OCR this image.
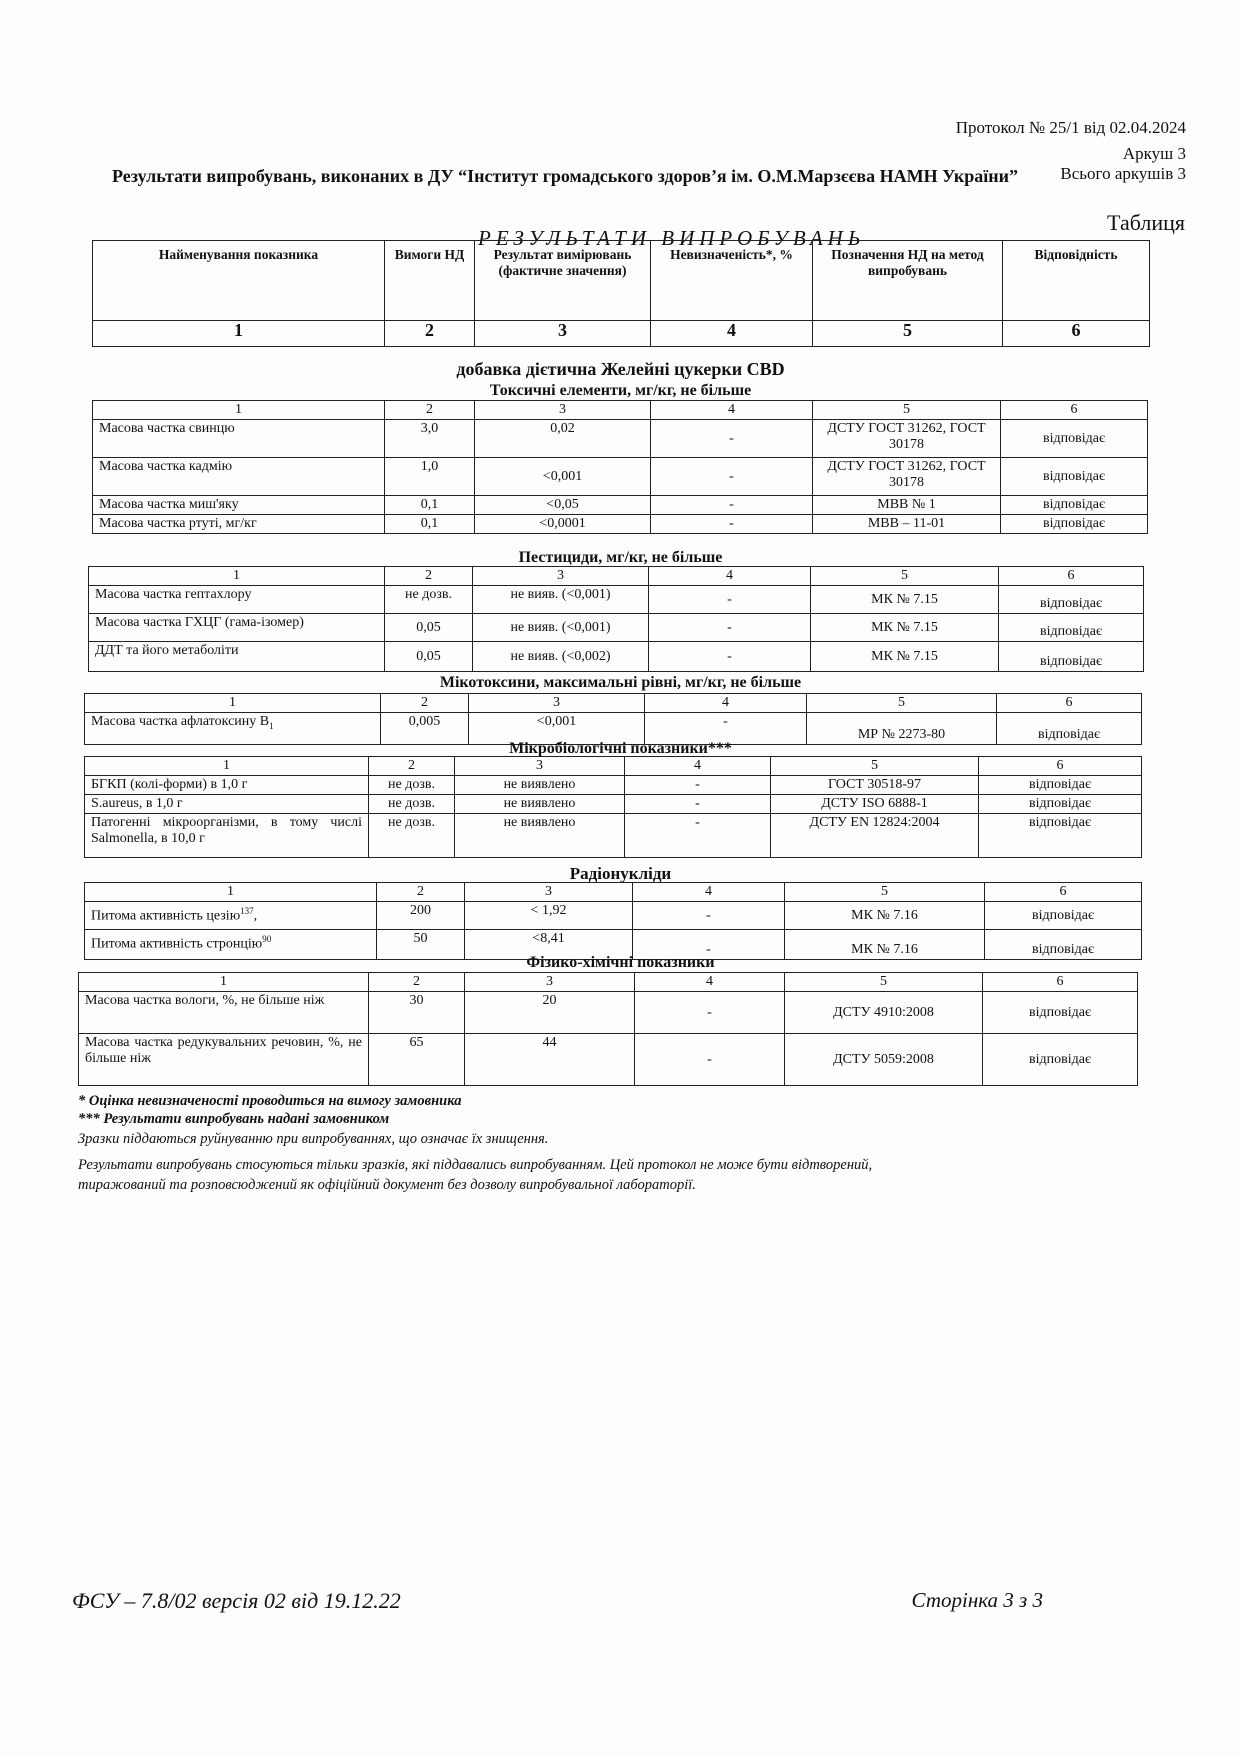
Протокол № 25/1 від 02.04.2024
Аркуш 3
Всього аркушів 3
Результати випробувань, виконаних в ДУ “Інститут громадського здоров’я ім. О.М.Марзєєва НАМН України”
Таблиця
РЕЗУЛЬТАТИ ВИПРОБУВАНЬ
Найменування показника	Вимоги НД	Результат вимірювань (фактичне значення)	Невизначеність*, %	Позначення НД на метод випробувань	Відповідність
1	2	3	4	5	6
добавка дієтична Желейні цукерки CBD
Токсичні елементи, мг/кг, не більше
1	2	3	4	5	6
Масова частка свинцю	3,0	0,02	-	ДСТУ ГОСТ 31262, ГОСТ 30178	відповідає
Масова частка кадмію	1,0	<0,001	-	ДСТУ ГОСТ 31262, ГОСТ 30178	відповідає
Масова частка миш'яку	0,1	<0,05	-	МВВ № 1	відповідає
Масова частка ртуті, мг/кг	0,1	<0,0001	-	МВВ – 11-01	відповідає
Пестициди, мг/кг, не більше
1	2	3	4	5	6
Масова частка гептахлору	не дозв.	не вияв. (<0,001)	-	МК № 7.15	відповідає
Масова частка ГХЦГ (гама-ізомер)	0,05	не вияв. (<0,001)	-	МК № 7.15	відповідає
ДДТ та його метаболіти	0,05	не вияв. (<0,002)	-	МК № 7.15	відповідає
Мікотоксини, максимальні рівні, мг/кг, не більше
1	2	3	4	5	6
Масова частка афлатоксину $B_1$	0,005	<0,001	-	МР № 2273-80	відповідає
Мікробіологічні показники***
1	2	3	4	5	6
БГКП (колі-форми) в 1,0 г	не дозв.	не виявлено	-	ГОСТ 30518-97	відповідає
S.aureus, в 1,0 г	не дозв.	не виявлено	-	ДСТУ ISO 6888-1	відповідає
Патогенні мікроорганізми, в тому числі Salmonella, в 10,0 г	не дозв.	не виявлено	-	ДСТУ EN 12824:2004	відповідає
Радіонукліди
1	2	3	4	5	6
Питома активність цезію$^{137}$,	200	< 1,92	-	МК № 7.16	відповідає
Питома активність стронцію$^{90}$	50	<8,41	-	МК № 7.16	відповідає
Фізико-хімічні показники
1	2	3	4	5	6
Масова частка вологи, %, не більше ніж	30	20	-	ДСТУ 4910:2008	відповідає
Масова частка редукувальних речовин, %, не більше ніж	65	44	-	ДСТУ 5059:2008	відповідає
* Оцінка невизначеності проводиться на вимогу замовника
*** Результати випробувань надані замовником
Зразки піддаються руйнуванню при випробуваннях, що означає їх знищення.
Результати випробувань стосуються тільки зразків, які піддавались випробуванням. Цей протокол не може бути відтворений,
тиражований та розповсюджений як офіційний документ без дозволу випробувальної лабораторії.
ФСУ – 7.8/02 версія 02 від 19.12.22	Сторінка 3 з 3
